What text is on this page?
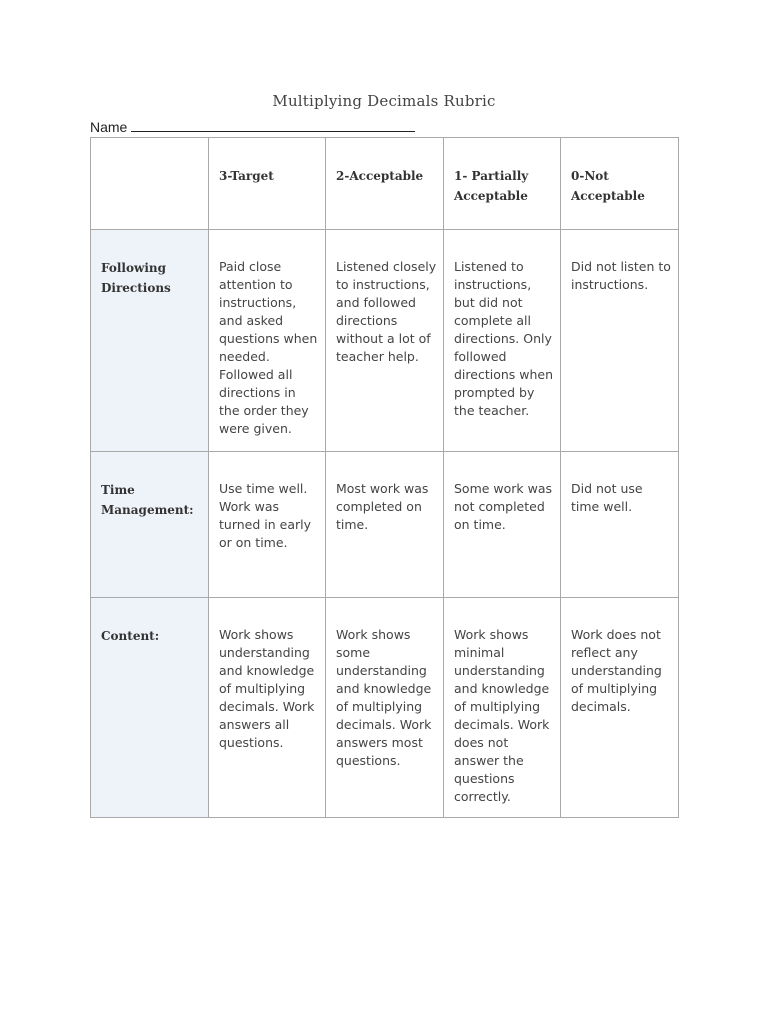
Multiplying Decimals Rubric
Name

	3-Target	2-Acceptable	1- Partially Acceptable	0-Not Acceptable

Following Directions	Paid close attention to instructions, and asked questions when needed. Followed all directions in the order they were given.	Listened closely to instructions, and followed directions without a lot of teacher help.	Listened to instructions, but did not complete all directions. Only followed directions when prompted by the teacher.	Did not listen to instructions.

Time Management:	Use time well. Work was turned in early or on time.	Most work was completed on time.	Some work was not completed on time.	Did not use time well.

Content:	Work shows understanding and knowledge of multiplying decimals. Work answers all questions.	Work shows some understanding and knowledge of multiplying decimals. Work answers most questions.	Work shows minimal understanding and knowledge of multiplying decimals. Work does not answer the questions correctly.	Work does not reflect any understanding of multiplying decimals.
